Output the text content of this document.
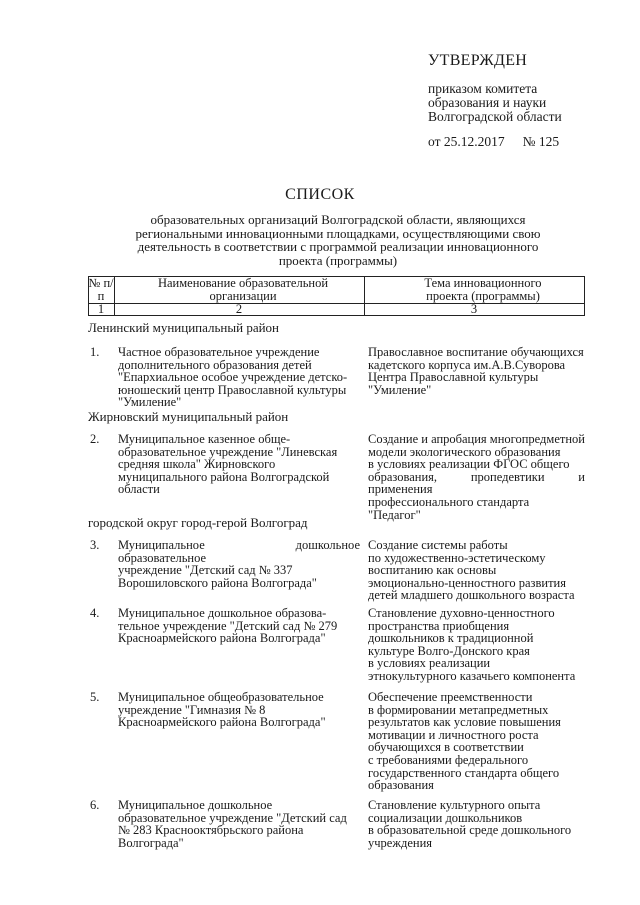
УТВЕРЖДЕН
приказом комитета
образования и науки
Волгоградской области
от 25.12.2017 № 125
СПИСОК
образовательных организаций Волгоградской области, являющихся
региональными инновационными площадками, осуществляющими свою
деятельность в соответствии с программой реализации инновационного
проекта (программы)
№ п/п
Наименование образовательной организации
Тема инновационного проекта (программы)
1	2	3
Ленинский муниципальный район
1. Частное образовательное учреждение
дополнительного образования детей
"Епархиальное особое учреждение детско-
юношеский центр Православной культуры
"Умиление"
Православное воспитание обучающихся
кадетского корпуса им.А.В.Суворова
Центра Православной культуры
"Умиление"
Жирновский муниципальный район
2. Муниципальное казенное обще-
образовательное учреждение "Линевская
средняя школа" Жирновского
муниципального района Волгоградской
области
Создание и апробация многопредметной
модели экологического образования
в условиях реализации ФГОС общего
образования, пропедевтики и применения
профессионального стандарта
"Педагог"
городской округ город-герой Волгоград
3. Муниципальное дошкольное образовательное
учреждение "Детский сад № 337
Ворошиловского района Волгограда"
Создание системы работы
по художественно-эстетическому
воспитанию как основы
эмоционально-ценностного развития
детей младшего дошкольного возраста
4. Муниципальное дошкольное образова-
тельное учреждение "Детский сад № 279
Красноармейского района Волгограда"
Становление духовно-ценностного
пространства приобщения
дошкольников к традиционной
культуре Волго-Донского края
в условиях реализации
этнокультурного казачьего компонента
5. Муниципальное общеобразовательное
учреждение "Гимназия № 8
Красноармейского района Волгограда"
Обеспечение преемственности
в формировании метапредметных
результатов как условие повышения
мотивации и личностного роста
обучающихся в соответствии
с требованиями федерального
государственного стандарта общего
образования
6. Муниципальное дошкольное
образовательное учреждение "Детский сад
№ 283 Краснооктябрьского района
Волгограда"
Становление культурного опыта
социализации дошкольников
в образовательной среде дошкольного
учреждения
